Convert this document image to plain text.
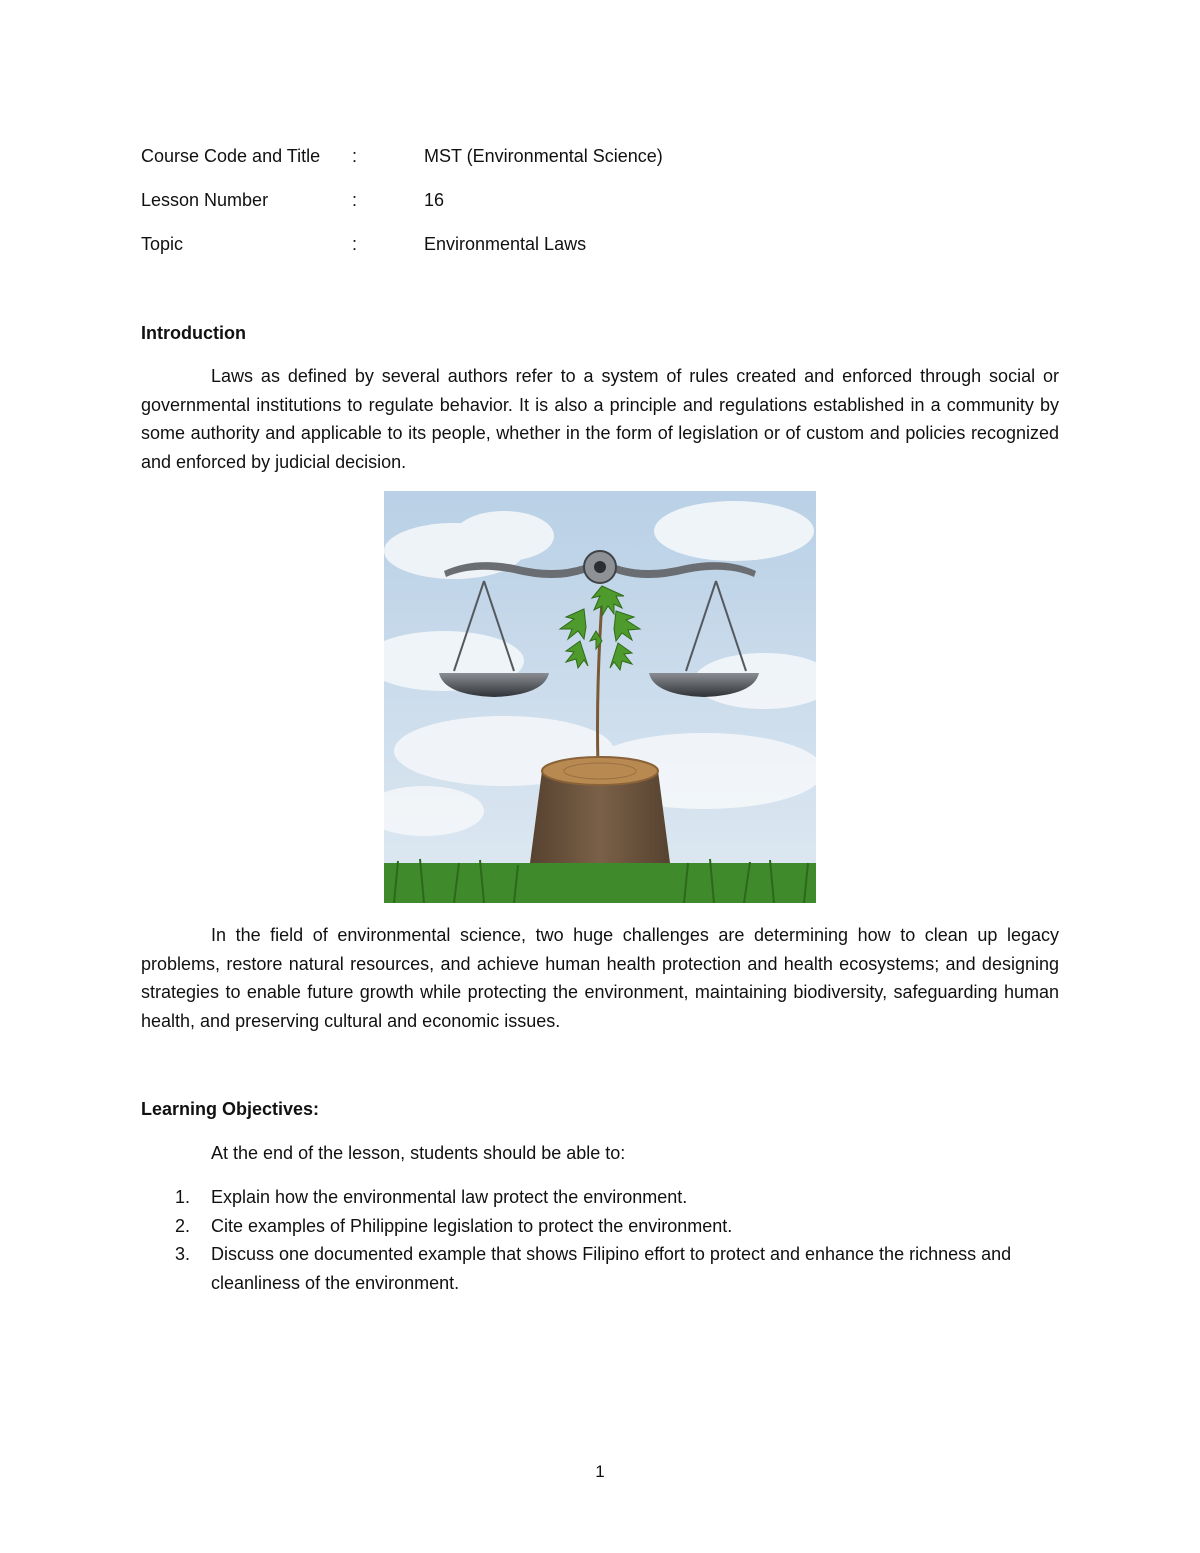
Course Code and Title :	MST (Environmental Science)
Lesson Number	:	16
Topic	:	Environmental Laws
Introduction

Laws as defined by several authors refer to a system of rules created and enforced through social or governmental institutions to regulate behavior. It is also a principle and regulations established in a community by some authority and applicable to its people, whether in the form of legislation or of custom and policies recognized and enforced by judicial decision.

In the field of environmental science, two huge challenges are determining how to clean up legacy problems, restore natural resources, and achieve human health protection and health ecosystems; and designing strategies to enable future growth while protecting the environment, maintaining biodiversity, safeguarding human health, and preserving cultural and economic issues.

Learning Objectives:
At the end of the lesson, students should be able to:
1. Explain how the environmental law protect the environment.
2. Cite examples of Philippine legislation to protect the environment.
3. Discuss one documented example that shows Filipino effort to protect and enhance the richness and cleanliness of the environment.
1
